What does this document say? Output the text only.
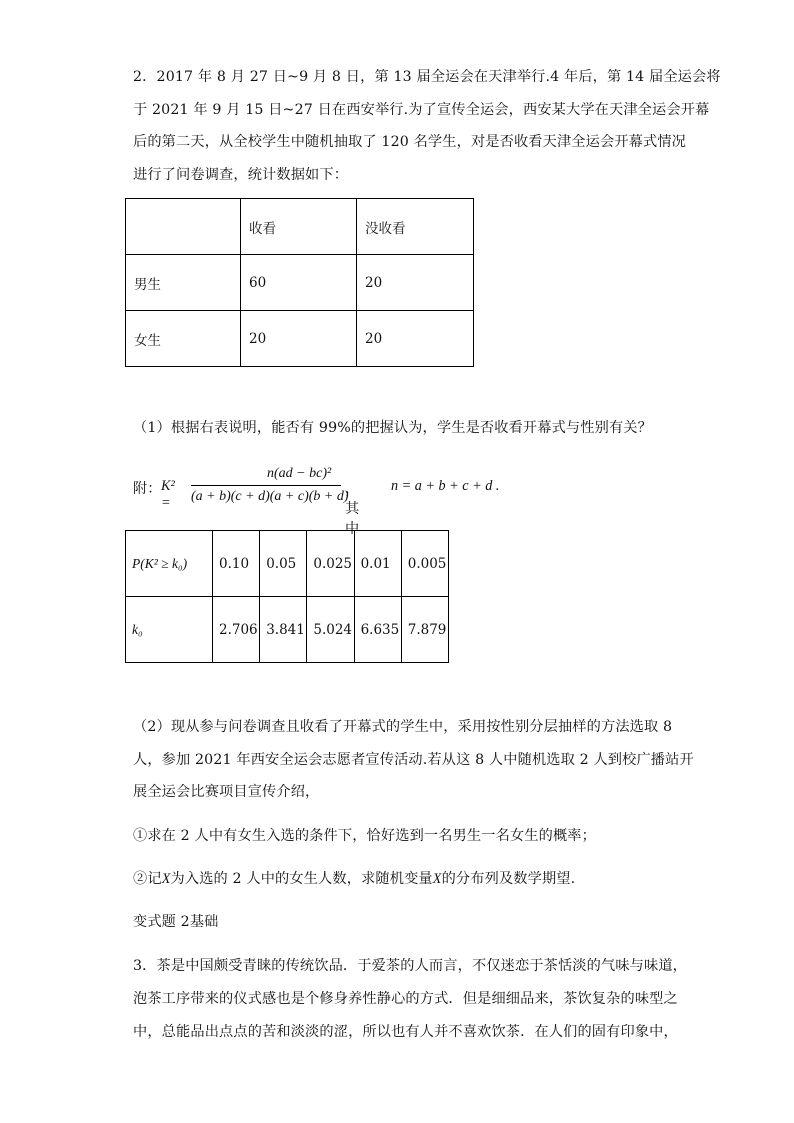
2．2017 年 8 月 27 日~9 月 8 日，第 13 届全运会在天津举行.4 年后，第 14 届全运会将
于 2021 年 9 月 15 日~27 日在西安举行.为了宣传全运会，西安某大学在天津全运会开幕
后的第二天，从全校学生中随机抽取了 120 名学生，对是否收看天津全运会开幕式情况
进行了问卷调查，统计数据如下：
	收看	没收看
男生	60	20
女生	20	20
（1）根据右表说明，能否有 99%的把握认为，学生是否收看开幕式与性别有关？
附： K² =
n(ad − bc)²
(a + b)(c + d)(a + c)(b + d)
，其中
n = a + b + c + d .
P(K² ≥ k₀)	0.10	0.05	0.025	0.01	0.005
k₀	2.706	3.841	5.024	6.635	7.879
（2）现从参与问卷调查且收看了开幕式的学生中，采用按性别分层抽样的方法选取 8
人，参加 2021 年西安全运会志愿者宣传活动.若从这 8 人中随机选取 2 人到校广播站开
展全运会比赛项目宣传介绍，
①求在 2 人中有女生入选的条件下，恰好选到一名男生一名女生的概率；
②记X为入选的 2 人中的女生人数，求随机变量X的分布列及数学期望.
变式题 2基础
3．茶是中国颇受青睐的传统饮品．于爱茶的人而言，不仅迷恋于茶恬淡的气味与味道，
泡茶工序带来的仪式感也是个修身养性静心的方式．但是细细品来，茶饮复杂的味型之
中，总能品出点点的苦和淡淡的涩，所以也有人并不喜欢饮茶．在人们的固有印象中，
